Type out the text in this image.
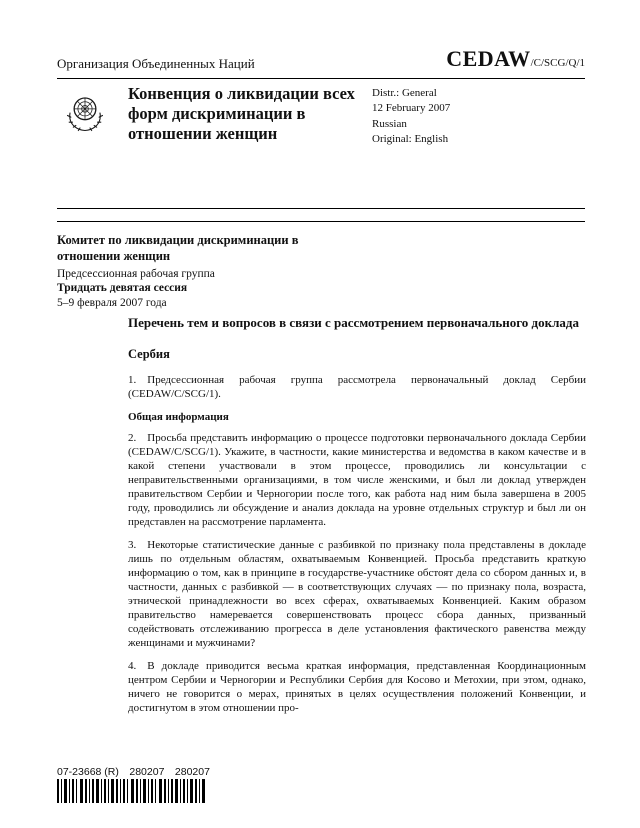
Организация Объединенных Наций	CEDAW/C/SCG/Q/1
Конвенция о ликвидации всех форм дискриминации в отношении женщин
Distr.: General
12 February 2007
Russian
Original: English
Комитет по ликвидации дискриминации в отношении женщин
Предсессионная рабочая группа
Тридцать девятая сессия
5–9 февраля 2007 года
Перечень тем и вопросов в связи с рассмотрением первоначального доклада
Сербия

1. Предсессионная рабочая группа рассмотрела первоначальный доклад Сербии (CEDAW/C/SCG/1).

Общая информация

2. Просьба представить информацию о процессе подготовки первоначального доклада Сербии (CEDAW/C/SCG/1). Укажите, в частности, какие министерства и ведомства в каком качестве и в какой степени участвовали в этом процессе, проводились ли консультации с неправительственными организациями, в том числе женскими, и был ли доклад утвержден правительством Сербии и Черногории после того, как работа над ним была завершена в 2005 году, проводились ли обсуждение и анализ доклада на уровне отдельных структур и был ли он представлен на рассмотрение парламента.

3. Некоторые статистические данные с разбивкой по признаку пола представлены в докладе лишь по отдельным областям, охватываемым Конвенцией. Просьба представить краткую информацию о том, как в принципе в государстве-участнике обстоят дела со сбором данных и, в частности, данных с разбивкой — в соответствующих случаях — по признаку пола, возраста, этнической принадлежности во всех сферах, охватываемых Конвенцией. Каким образом правительство намеревается совершенствовать процесс сбора данных, призванный содействовать отслеживанию прогресса в деле установления фактического равенства между женщинами и мужчинами?

4. В докладе приводится весьма краткая информация, представленная Координационным центром Сербии и Черногории и Республики Сербия для Косово и Метохии, при этом, однако, ничего не говорится о мерах, принятых в целях осуществления положений Конвенции, и достигнутом в этом отношении про-

07-23668 (R) 280207 280207
